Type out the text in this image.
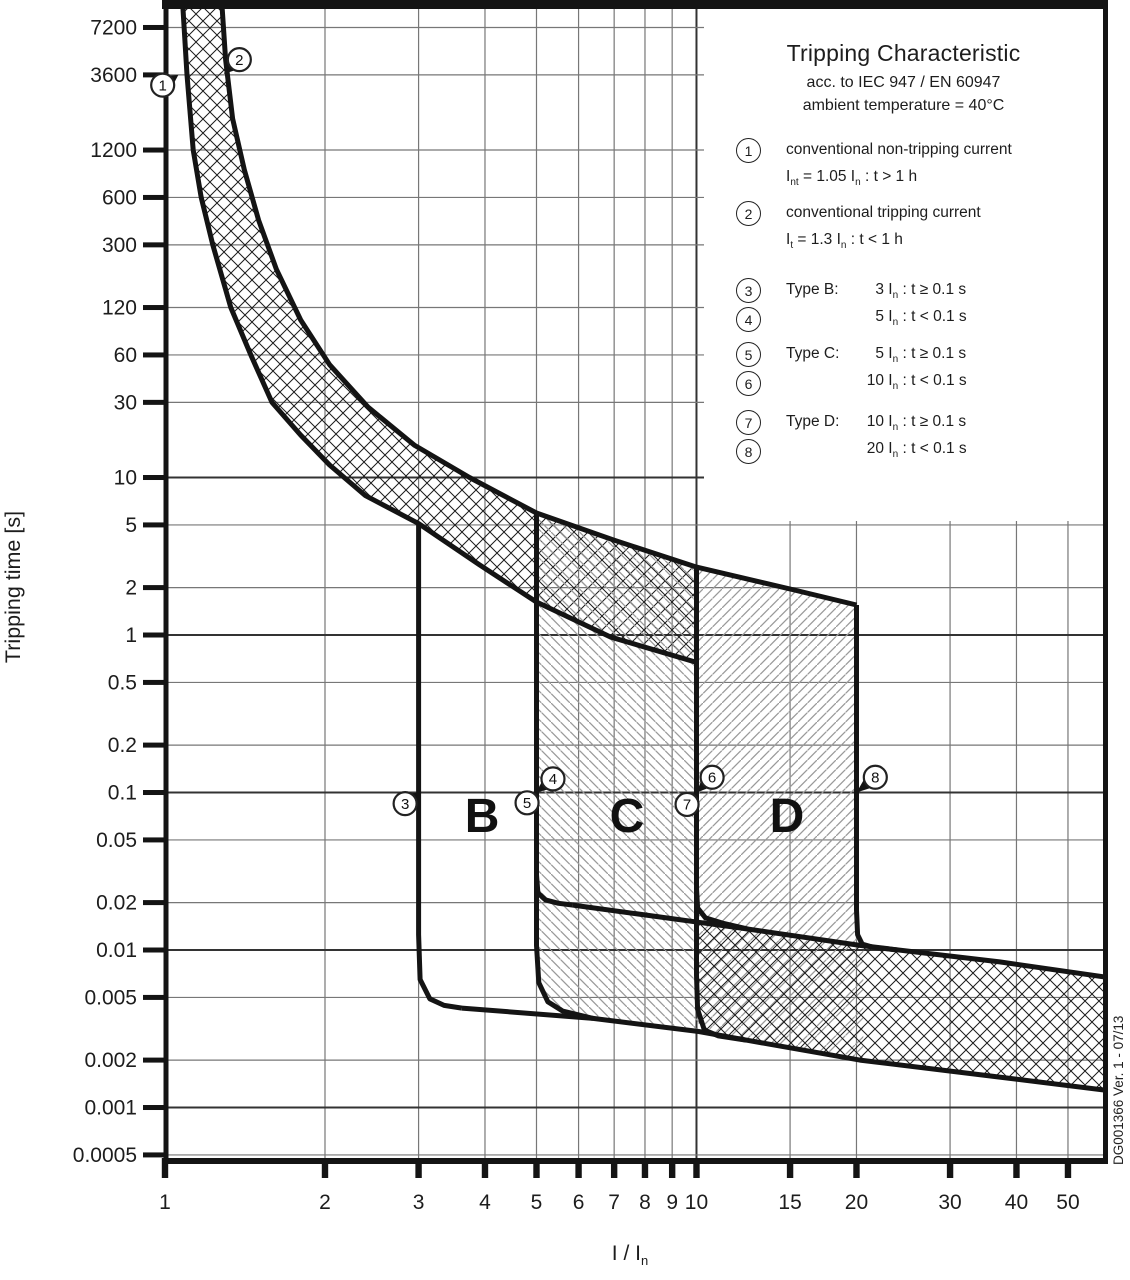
1
2
3
4
5
6
7
8
B C	D
1	2	3	4 5 6 7 8 9 10	15 20	30 40 50
7200
3600
1200
600
300
120
60
30
10
5
2
1
0.5
0.2
0.1
0.05
0.02
0.01
0.005
0.002
0.001
0.0005
Tripping time [s]
I / $I_n$
DG001366 Ver. 1 - 07/13
Tripping Characteristic
acc. to IEC 947 / EN 60947
ambient temperature = 40°C
1	conventional non-tripping current
$I_{nt} = 1.05$ $I_n$ : t > 1 h
2	conventional tripping current
$I_t = 1.3$ $I_n$ : t < 1 h
3
4
Type B:	3 $I_n$ : t ≥ 0.1 s
5 $I_n$ : t < 0.1 s
5
6
Type C:	5 $I_n$ : t ≥ 0.1 s
10 $I_n$ : t < 0.1 s
7
8
Type D:	10 $I_n$ : t ≥ 0.1 s
20 $I_n$ : t < 0.1 s
